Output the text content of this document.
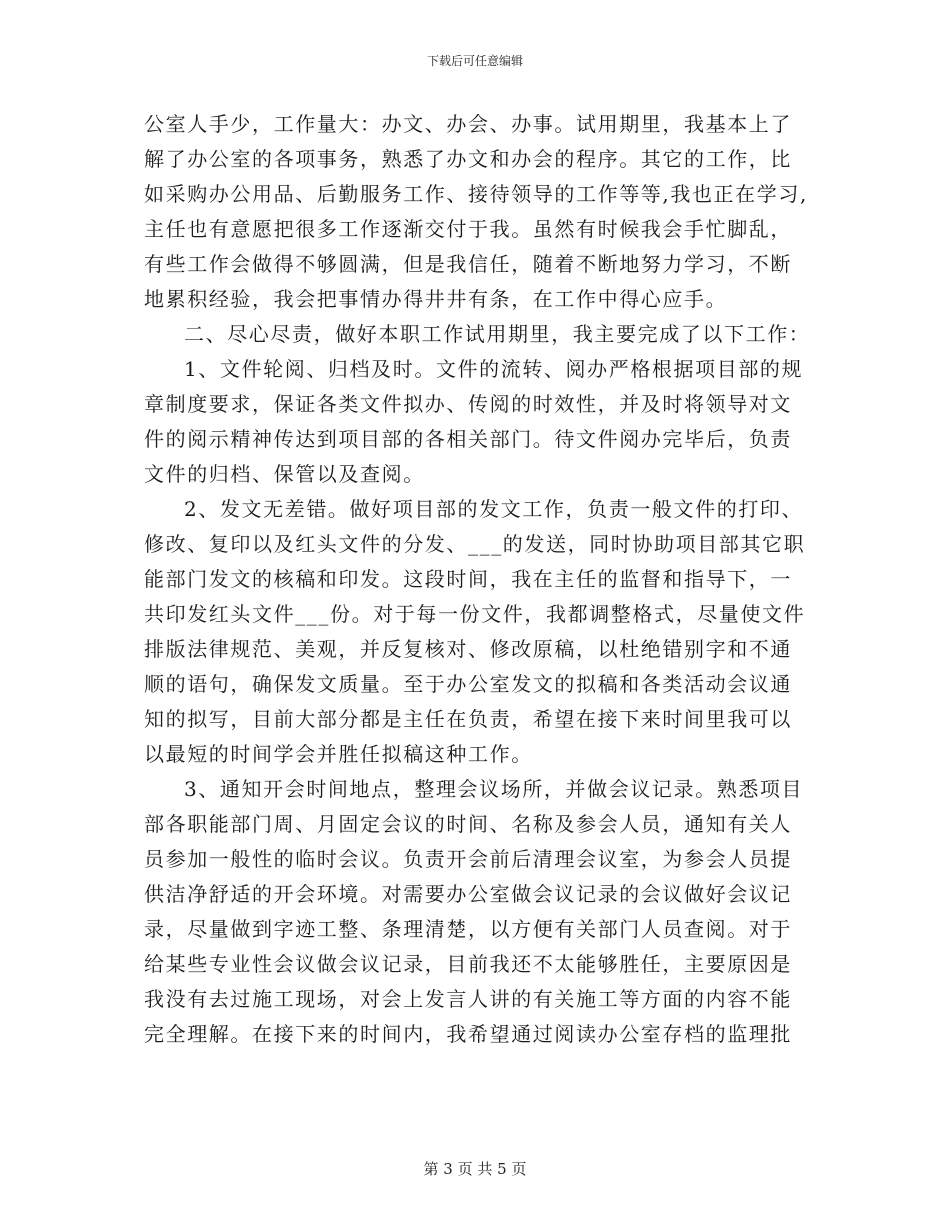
下载后可任意编辑
公室人手少，工作量大：办文、办会、办事。试用期里，我基本上了
解了办公室的各项事务，熟悉了办文和办会的程序。其它的工作，比
如采购办公用品、后勤服务工作、接待领导的工作等等,我也正在学习,
主任也有意愿把很多工作逐渐交付于我。虽然有时候我会手忙脚乱，
有些工作会做得不够圆满，但是我信任，随着不断地努力学习，不断
地累积经验，我会把事情办得井井有条，在工作中得心应手。
二、尽心尽责，做好本职工作试用期里，我主要完成了以下工作：
1、文件轮阅、归档及时。文件的流转、阅办严格根据项目部的规
章制度要求，保证各类文件拟办、传阅的时效性，并及时将领导对文
件的阅示精神传达到项目部的各相关部门。待文件阅办完毕后，负责
文件的归档、保管以及查阅。
2、发文无差错。做好项目部的发文工作，负责一般文件的打印、
修改、复印以及红头文件的分发、___的发送，同时协助项目部其它职
能部门发文的核稿和印发。这段时间，我在主任的监督和指导下，一
共印发红头文件___份。对于每一份文件，我都调整格式，尽量使文件
排版法律规范、美观，并反复核对、修改原稿，以杜绝错别字和不通
顺的语句，确保发文质量。至于办公室发文的拟稿和各类活动会议通
知的拟写，目前大部分都是主任在负责，希望在接下来时间里我可以
以最短的时间学会并胜任拟稿这种工作。
3、通知开会时间地点，整理会议场所，并做会议记录。熟悉项目
部各职能部门周、月固定会议的时间、名称及参会人员，通知有关人
员参加一般性的临时会议。负责开会前后清理会议室，为参会人员提
供洁净舒适的开会环境。对需要办公室做会议记录的会议做好会议记
录，尽量做到字迹工整、条理清楚，以方便有关部门人员查阅。对于
给某些专业性会议做会议记录，目前我还不太能够胜任，主要原因是
我没有去过施工现场，对会上发言人讲的有关施工等方面的内容不能
完全理解。在接下来的时间内，我希望通过阅读办公室存档的监理批
第 3 页 共 5 页
